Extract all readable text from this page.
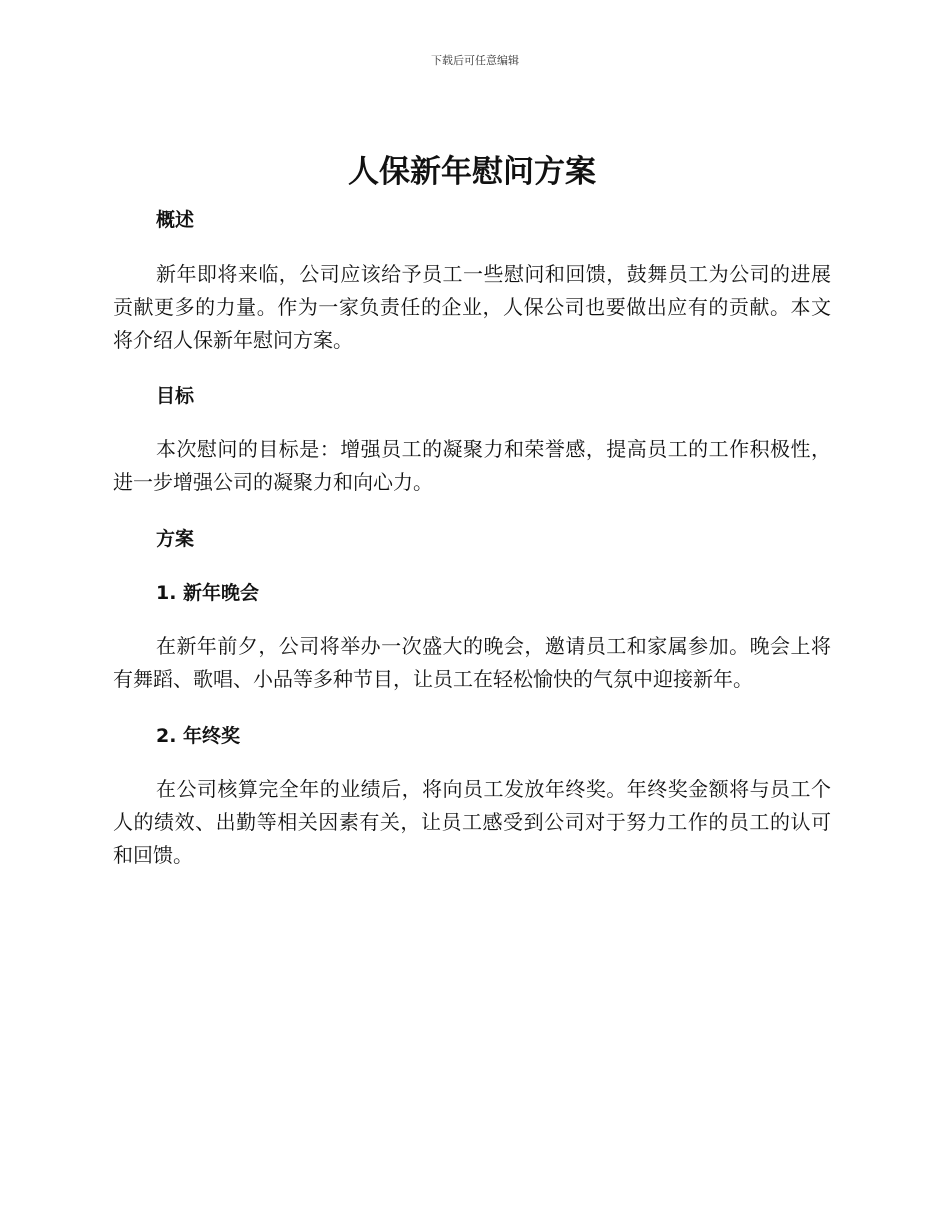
下载后可任意编辑
人保新年慰问方案
概述

新年即将来临，公司应该给予员工一些慰问和回馈，鼓舞员工为公司的进展贡献更多的力量。作为一家负责任的企业，人保公司也要做出应有的贡献。本文将介绍人保新年慰问方案。

目标

本次慰问的目标是：增强员工的凝聚力和荣誉感，提高员工的工作积极性，进一步增强公司的凝聚力和向心力。

方案
1. 新年晚会

在新年前夕，公司将举办一次盛大的晚会，邀请员工和家属参加。晚会上将有舞蹈、歌唱、小品等多种节目，让员工在轻松愉快的气氛中迎接新年。

2. 年终奖

在公司核算完全年的业绩后，将向员工发放年终奖。年终奖金额将与员工个人的绩效、出勤等相关因素有关，让员工感受到公司对于努力工作的员工的认可和回馈。
